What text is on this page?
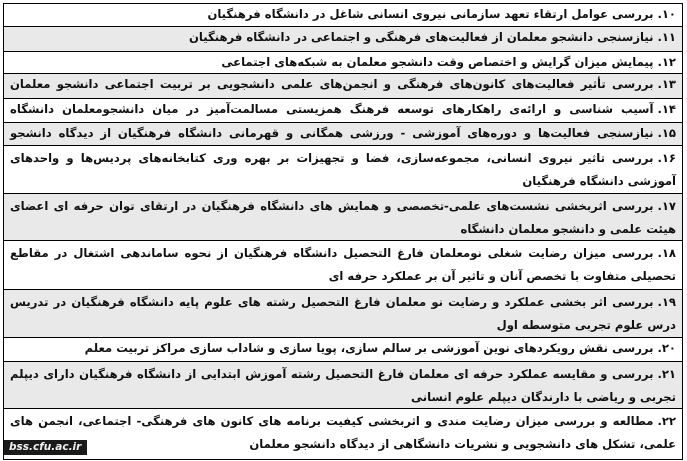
۱۰.بررسی عوامل ارتقاء تعهد سازمانی نیروی انسانی شاغل در دانشگاه فرهنگیان
۱۱.نیازسنجی دانشجو معلمان از فعالیت‌های فرهنگی و اجتماعی در دانشگاه فرهنگیان
۱۲.پیمایش میزان گرایش و اختصاص وقت دانشجو معلمان به شبکه‌های اجتماعی
۱۳.بررسی تأثیر فعالیت‌های کانون‌های فرهنگی و انجمن‌های علمی دانشجویی بر تربیت اجتماعی دانشجو معلمان
۱۴.آسیب شناسی و ارائه‌ی راهکارهای توسعه فرهنگ همزیستی مسالمت‌آمیز در میان دانشجومعلمان دانشگاه
۱۵.نیازسنجی فعالیت‌ها و دوره‌های آموزشی - ورزشی همگانی و قهرمانی دانشگاه فرهنگیان از دیدگاه دانشجو
۱۶.بررسی تاثیر نیروی انسانی، مجموعه‌سازی، فضا و تجهیزات بر بهره وری کتابخانه‌های پردیس‌ها و واحدهای آموزشی دانشگاه فرهنگیان
۱۷.بررسی اثربخشی نشست‌های علمی-تخصصی و همایش های دانشگاه فرهنگیان در ارتقای توان حرفه ای اعضای هیئت علمی و دانشجو معلمان دانشگاه
۱۸.بررسی میزان رضایت شغلی نومعلمان فارغ التحصیل دانشگاه فرهنگیان از نحوه ساماندهی اشتغال در مقاطع تحصیلی متفاوت با تخصص آنان و تاثیر آن بر عملکرد حرفه ای
۱۹.بررسی اثر بخشی عملکرد و رضایت نو معلمان فارغ التحصیل رشته های علوم پایه دانشگاه فرهنگیان در تدریس درس علوم تجربی متوسطه اول
۲۰.بررسی نقش رویکردهای نوین آموزشی بر سالم سازی، پویا سازی و شاداب سازی مراکز تربیت معلم
۲۱.بررسی و مقایسه عملکرد حرفه ای معلمان فارغ التحصیل رشته آموزش ابتدایی از دانشگاه فرهنگیان دارای دیپلم تجربی و ریاضی با دارندگان دیپلم علوم انسانی
۲۲.مطالعه و بررسی میزان رضایت مندی و اثربخشی کیفیت برنامه های کانون های فرهنگی- اجتماعی، انجمن های علمی، تشکل های دانشجویی و نشریات دانشگاهی از دیدگاه دانشجو معلمان
bss.cfu.ac.ir
